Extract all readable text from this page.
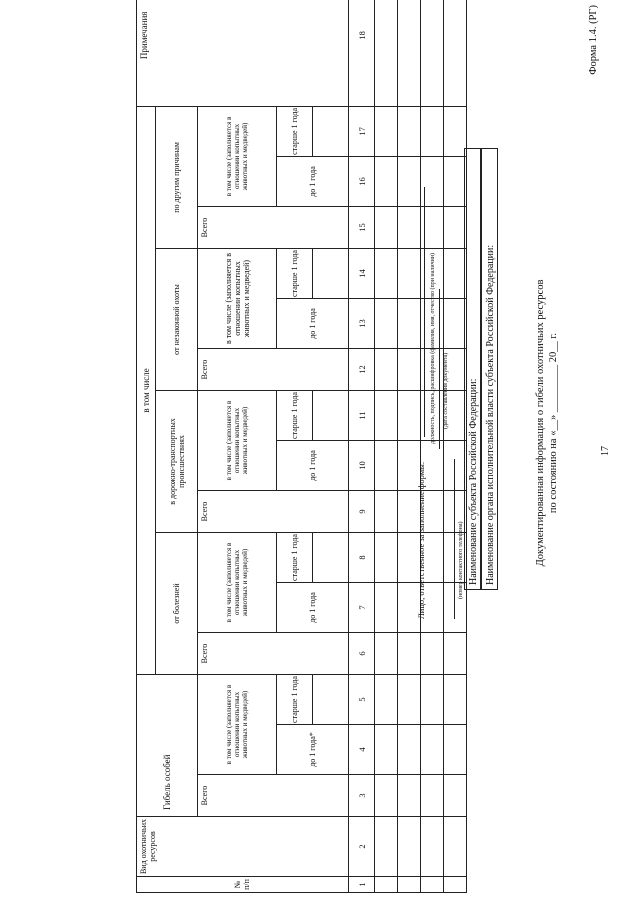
17
Форма 1.4. (РГ)
Документированная информация о гибели охотничьих ресурсов по состоянию на «__» _________ 20__ г.
Наименование субъекта Российской Федерации: Наименование органа исполнительной власти субъекта Российской Федерации:
№ п/п	Вид охотничьих ресурсов	Гибель особей			в том числе												Примечания
					от болезней			в дорожно-транспортных происшествиях			от незаконной охоты			по другим причинам			
		Всего	в том числе (заполняется в отношении копытных животных и медведей)		Всего	в том числе (заполняется в отношении копытных животных и медведей)		Всего	в том числе (заполняется в отношении копытных животных и медведей)		Всего	в том числе (заполняется в отношении копытных животных и медведей)		Всего	в том числе (заполняется в отношении копытных животных и медведей)		
			до 1 года*	старше 1 года		до 1 года	старше 1 года		до 1 года	старше 1 года		до 1 года	старше 1 года		до 1 года	старше 1 года	

1	2	3	4	5	6	7	8	9	10	11	12	13	14	15	16	17	18

Лицо, ответственное за заполнение формы:
должность, подпись, расшифровка (фамилия, имя, отчество (при наличии)
(номер контактного телефона)
(дата составления документа)
